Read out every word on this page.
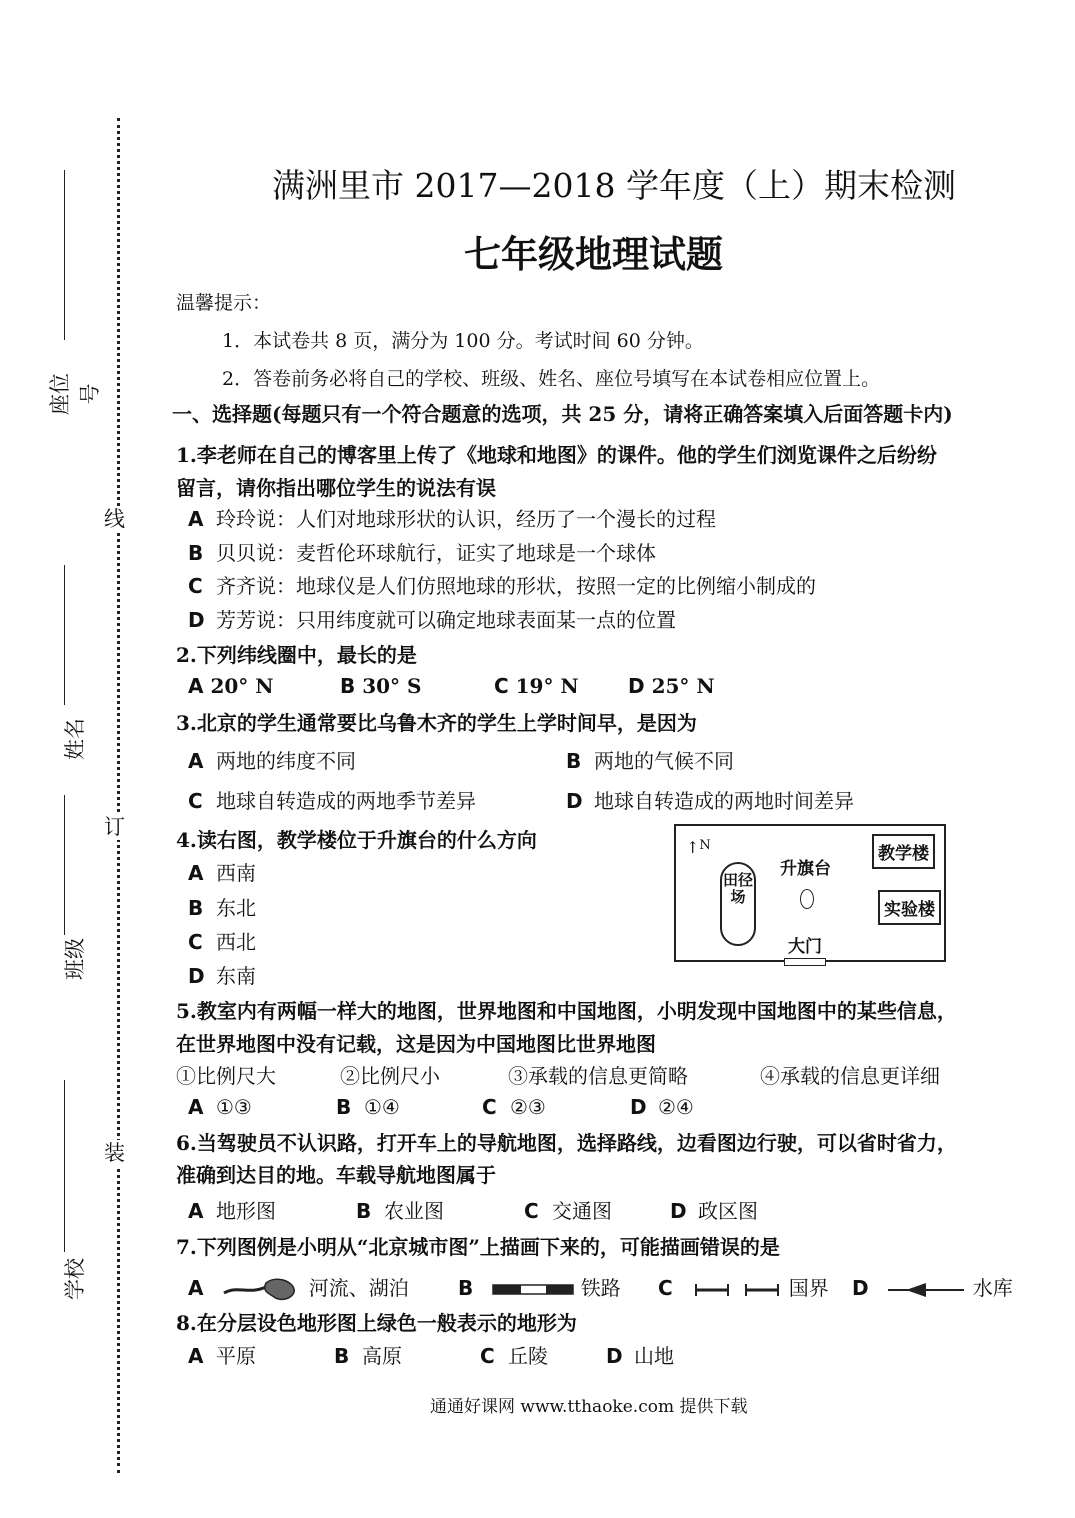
线
订
装
座位号
姓名
班级
学校
满洲里市 2017—2018 学年度（上）期末检测
七年级地理试题
温馨提示：
1．本试卷共 8 页，满分为 100 分。考试时间 60 分钟。
2．答卷前务必将自己的学校、班级、姓名、座位号填写在本试卷相应位置上。
一、选择题(每题只有一个符合题意的选项，共 25 分，请将正确答案填入后面答题卡内)
1.李老师在自己的博客里上传了《地球和地图》的课件。他的学生们浏览课件之后纷纷
留言，请你指出哪位学生的说法有误
A 玲玲说：人们对地球形状的认识，经历了一个漫长的过程
B 贝贝说：麦哲伦环球航行，证实了地球是一个球体
C 齐齐说：地球仪是人们仿照地球的形状，按照一定的比例缩小制成的
D 芳芳说：只用纬度就可以确定地球表面某一点的位置
2.下列纬线圈中，最长的是
A 20° N	B 30° S	C 19° N D 25° N
3.北京的学生通常要比乌鲁木齐的学生上学时间早，是因为
A 两地的纬度不同	B 两地的气候不同
C 地球自转造成的两地季节差异	D 地球自转造成的两地时间差异
4.读右图，教学楼位于升旗台的什么方向
A 西南
B 东北
C 西北
D 东南
↑$^N$
田径场
升旗台
教学楼
实验楼
大门
5.教室内有两幅一样大的地图，世界地图和中国地图，小明发现中国地图中的某些信息，
在世界地图中没有记载，这是因为中国地图比世界地图
①比例尺大	②比例尺小	③承载的信息更简略	④承载的信息更详细
A ①③	B ①④	C ②③	D ②④
6.当驾驶员不认识路，打开车上的导航地图，选择路线，边看图边行驶，可以省时省力，
准确到达目的地。车载导航地图属于
A 地形图	B 农业图	C 交通图	D 政区图
7.下列图例是小明从“北京城市图”上描画下来的，可能描画错误的是
A	河流、湖泊 B	铁路 C	国界 D	水库
8.在分层设色地形图上绿色一般表示的地形为
A 平原	B 高原	C 丘陵	D 山地
通通好课网 www.tthaoke.com 提供下载
